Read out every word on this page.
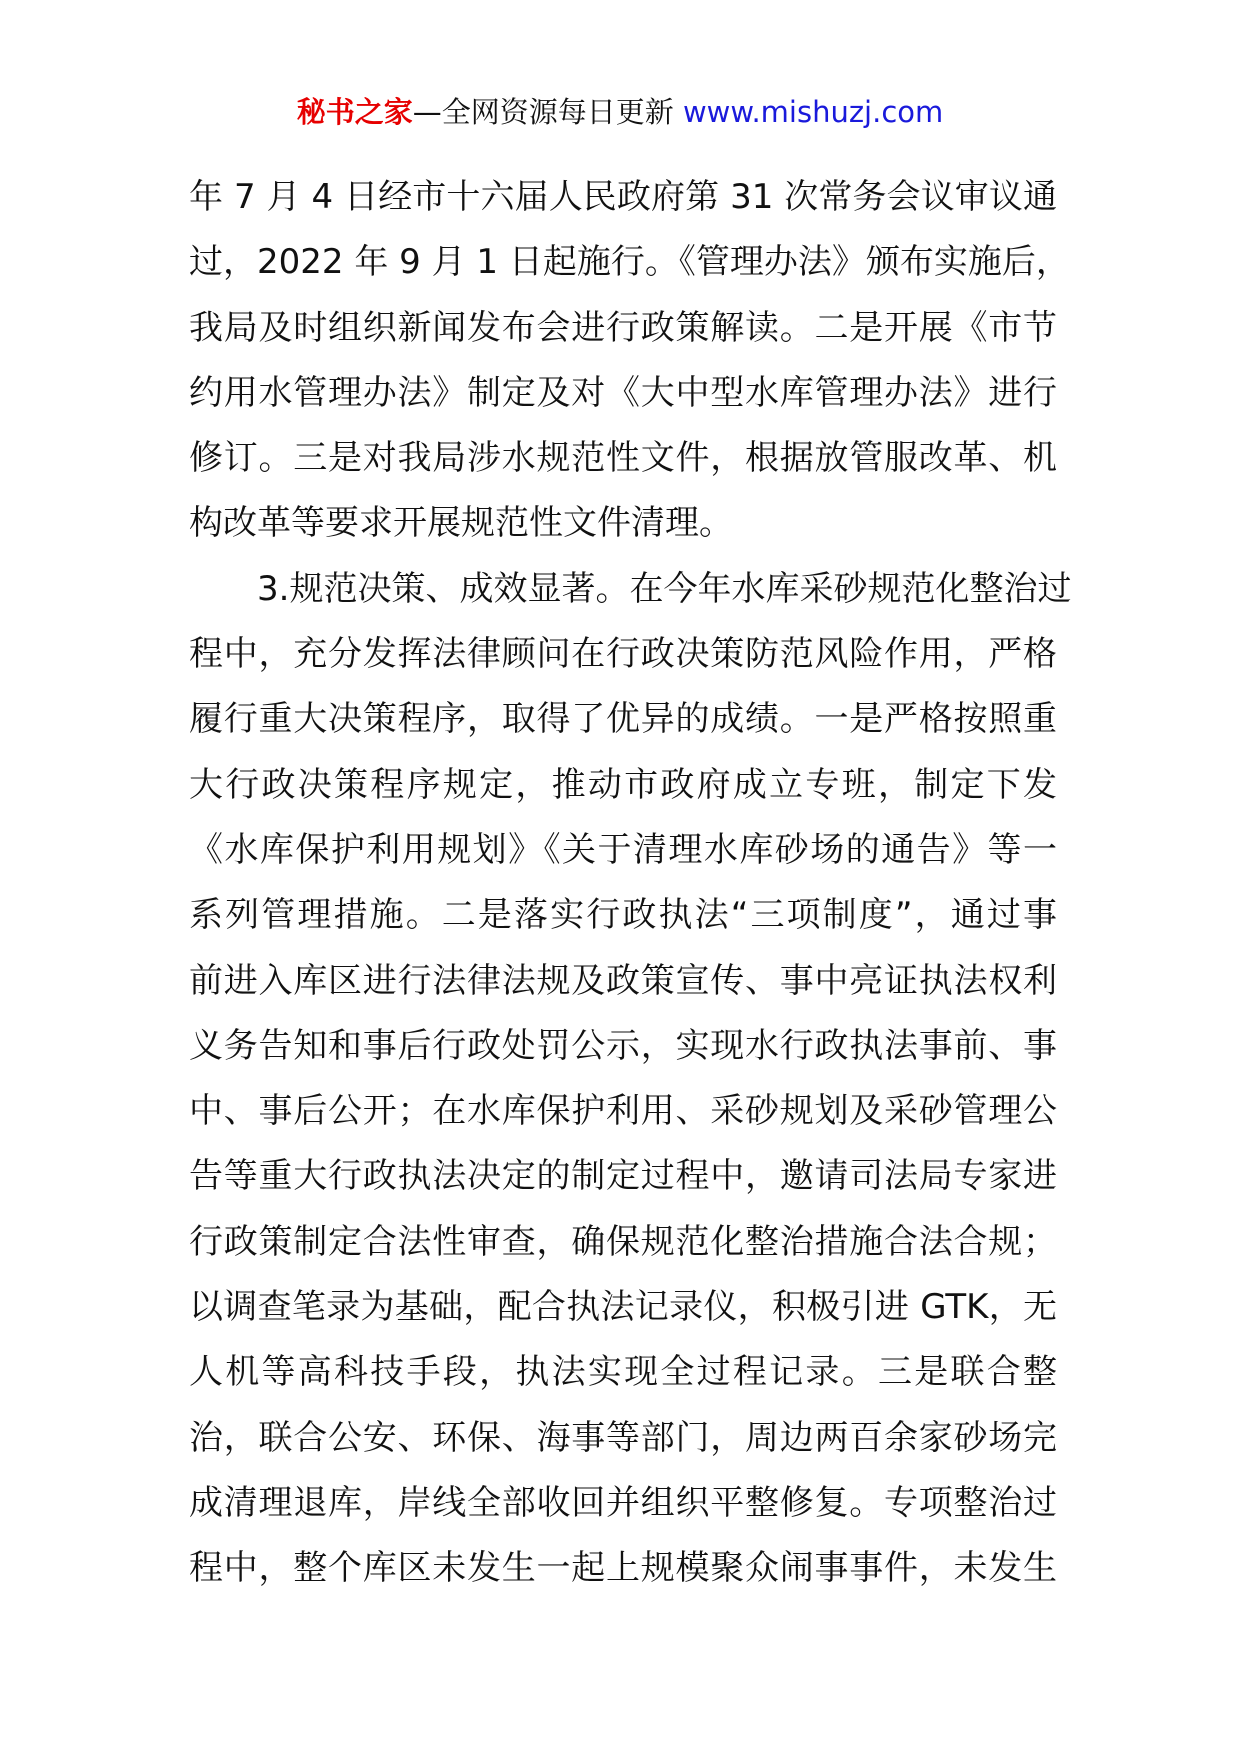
秘书之家—全网资源每日更新 www.mishuzj.com
年 7 月 4 日经市十六届人民政府第 31 次常务会议审议通
过，2022 年 9 月 1 日起施行。《管理办法》颁布实施后，
我局及时组织新闻发布会进行政策解读。二是开展《市节
约用水管理办法》制定及对《大中型水库管理办法》进行
修订。三是对我局涉水规范性文件，根据放管服改革、机
构改革等要求开展规范性文件清理。
3.规范决策、成效显著。在今年水库采砂规范化整治过
程中，充分发挥法律顾问在行政决策防范风险作用，严格
履行重大决策程序，取得了优异的成绩。一是严格按照重
大行政决策程序规定，推动市政府成立专班，制定下发
《水库保护利用规划》《关于清理水库砂场的通告》等一
系列管理措施。二是落实行政执法“三项制度”，通过事
前进入库区进行法律法规及政策宣传、事中亮证执法权利
义务告知和事后行政处罚公示，实现水行政执法事前、事
中、事后公开；在水库保护利用、采砂规划及采砂管理公
告等重大行政执法决定的制定过程中，邀请司法局专家进
行政策制定合法性审查，确保规范化整治措施合法合规；
以调查笔录为基础，配合执法记录仪，积极引进 GTK，无
人机等高科技手段，执法实现全过程记录。三是联合整
治，联合公安、环保、海事等部门，周边两百余家砂场完
成清理退库，岸线全部收回并组织平整修复。专项整治过
程中，整个库区未发生一起上规模聚众闹事事件，未发生
